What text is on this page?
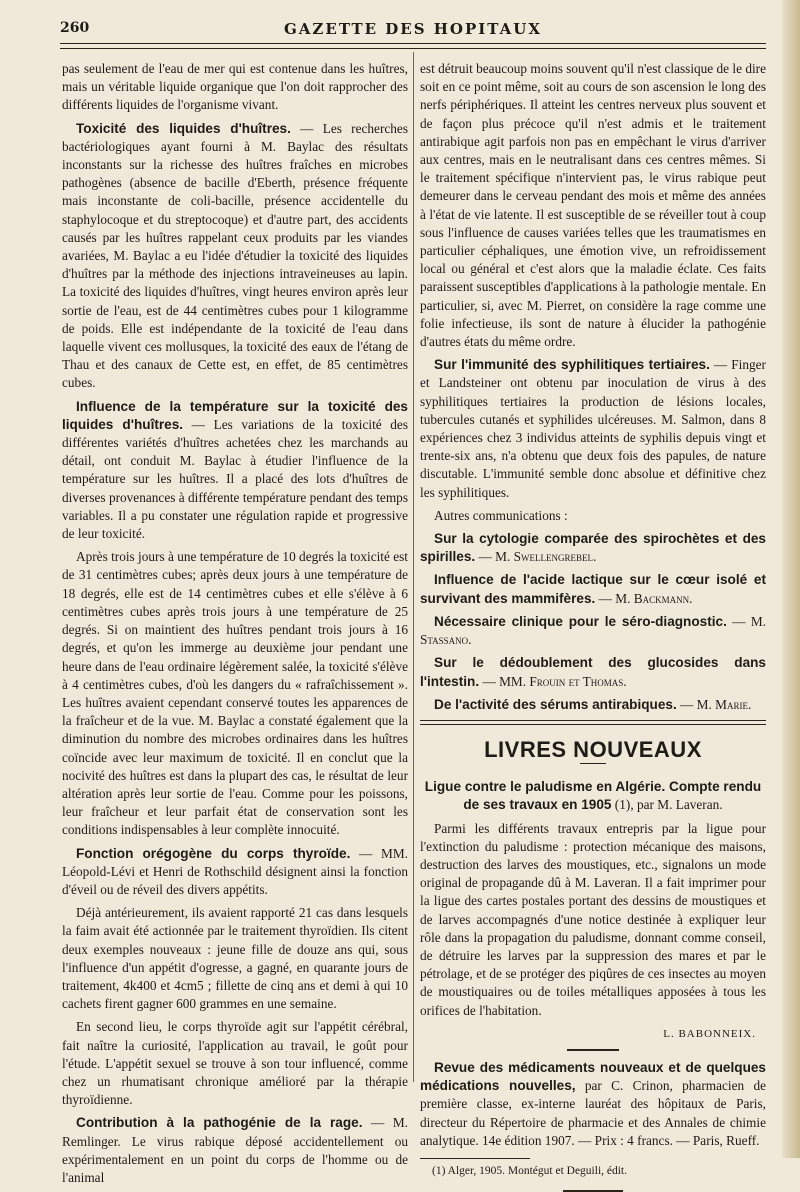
260	GAZETTE DES HOPITAUX

pas seulement de l'eau de mer qui est contenue dans les huîtres, mais un véritable liquide organique que l'on doit rapprocher des différents liquides de l'organisme vivant.

Toxicité des liquides d'huîtres. — Les recherches bactériologiques ayant fourni à M. Baylac des résultats inconstants sur la richesse des huîtres fraîches en microbes pathogènes (absence de bacille d'Eberth, présence fréquente mais inconstante de coli-bacille, présence accidentelle du staphylocoque et du streptocoque) et d'autre part, des accidents causés par les huîtres rappelant ceux produits par les viandes avariées, M. Baylac a eu l'idée d'étudier la toxicité des liquides d'huîtres par la méthode des injections intraveineuses au lapin. La toxicité des liquides d'huîtres, vingt heures environ après leur sortie de l'eau, est de 44 centimètres cubes pour 1 kilogramme de poids. Elle est indépendante de la toxicité de l'eau dans laquelle vivent ces mollusques, la toxicité des eaux de l'étang de Thau et des canaux de Cette est, en effet, de 85 centimètres cubes.

Influence de la température sur la toxicité des liquides d'huîtres. — Les variations de la toxicité des différentes variétés d'huîtres achetées chez les marchands au détail, ont conduit M. Baylac à étudier l'influence de la température sur les huîtres. Il a placé des lots d'huîtres de diverses provenances à différente température pendant des temps variables. Il a pu constater une régulation rapide et progressive de leur toxicité.

Après trois jours à une température de 10 degrés la toxicité est de 31 centimètres cubes; après deux jours à une température de 18 degrés, elle est de 14 centimètres cubes et elle s'élève à 6 centimètres cubes après trois jours à une température de 25 degrés. Si on maintient des huîtres pendant trois jours à 16 degrés, et qu'on les immerge au deuxième jour pendant une heure dans de l'eau ordinaire légèrement salée, la toxicité s'élève à 4 centimètres cubes, d'où les dangers du « rafraîchissement ». Les huîtres avaient cependant conservé toutes les apparences de la fraîcheur et de la vue. M. Baylac a constaté également que la diminution du nombre des microbes ordinaires dans les huîtres coïncide avec leur maximum de toxicité. Il en conclut que la nocivité des huîtres est dans la plupart des cas, le résultat de leur altération après leur sortie de l'eau. Comme pour les poissons, leur fraîcheur et leur parfait état de conservation sont les conditions indispensables à leur complète innocuité.

Fonction orégogène du corps thyroïde. — MM. Léopold-Lévi et Henri de Rothschild désignent ainsi la fonction d'éveil ou de réveil des divers appétits.

Déjà antérieurement, ils avaient rapporté 21 cas dans lesquels la faim avait été actionnée par le traitement thyroïdien. Ils citent deux exemples nouveaux : jeune fille de douze ans qui, sous l'influence d'un appétit d'ogresse, a gagné, en quarante jours de traitement, 4k400 et 4cm5 ; fillette de cinq ans et demi à qui 10 cachets firent gagner 600 grammes en une semaine.

En second lieu, le corps thyroïde agit sur l'appétit cérébral, fait naître la curiosité, l'application au travail, le goût pour l'étude. L'appétit sexuel se trouve à son tour influencé, comme chez un rhumatisant chronique amélioré par la thérapie thyroïdienne.

Contribution à la pathogénie de la rage. — M. Remlinger. Le virus rabique déposé accidentellement ou expérimentalement en un point du corps de l'homme ou de l'animal

est détruit beaucoup moins souvent qu'il n'est classique de le dire soit en ce point même, soit au cours de son ascension le long des nerfs périphériques. Il atteint les centres nerveux plus souvent et de façon plus précoce qu'il n'est admis et le traitement antirabique agit parfois non pas en empêchant le virus d'arriver aux centres, mais en le neutralisant dans ces centres mêmes. Si le traitement spécifique n'intervient pas, le virus rabique peut demeurer dans le cerveau pendant des mois et même des années à l'état de vie latente. Il est susceptible de se réveiller tout à coup sous l'influence de causes variées telles que les traumatismes en particulier céphaliques, une émotion vive, un refroidissement local ou général et c'est alors que la maladie éclate. Ces faits paraissent susceptibles d'applications à la pathologie mentale. En particulier, si, avec M. Pierret, on considère la rage comme une folie infectieuse, ils sont de nature à élucider la pathogénie d'autres états du même ordre.

Sur l'immunité des syphilitiques tertiaires. — Finger et Landsteiner ont obtenu par inoculation de virus à des syphilitiques tertiaires la production de lésions locales, tubercules cutanés et syphilides ulcéreuses. M. Salmon, dans 8 expériences chez 3 individus atteints de syphilis depuis vingt et trente-six ans, n'a obtenu que deux fois des papules, de nature discutable. L'immunité semble donc absolue et définitive chez les syphilitiques.

Autres communications :

Sur la cytologie comparée des spirochètes et des spirilles. — M. Swellengrebel.

Influence de l'acide lactique sur le cœur isolé et survivant des mammifères. — M. Backmann.

Nécessaire clinique pour le séro-diagnostic. — M. Stassano.

Sur le dédoublement des glucosides dans l'intestin. — MM. Frouin et Thomas.

De l'activité des sérums antirabiques. — M. Marie.

LIVRES NOUVEAUX

Ligue contre le paludisme en Algérie. Compte rendu de ses travaux en 1905 (1), par M. Laveran.

Parmi les différents travaux entrepris par la ligue pour l'extinction du paludisme : protection mécanique des maisons, destruction des larves des moustiques, etc., signalons un mode original de propagande dû à M. Laveran. Il a fait imprimer pour la ligue des cartes postales portant des dessins de moustiques et de larves accompagnés d'une notice destinée à expliquer leur rôle dans la propagation du paludisme, donnant comme conseil, de détruire les larves par la suppression des mares et par le pétrolage, et de se protéger des piqûres de ces insectes au moyen de moustiquaires ou de toiles métalliques apposées à tous les orifices de l'habitation.

L. BABONNEIX.

Revue des médicaments nouveaux et de quelques médications nouvelles, par C. Crinon, pharmacien de première classe, ex-interne lauréat des hôpitaux de Paris, directeur du Répertoire de pharmacie et des Annales de chimie analytique. 14e édition 1907. — Prix : 4 francs. — Paris, Rueff.

(1) Alger, 1905. Montégut et Deguili, édit.
